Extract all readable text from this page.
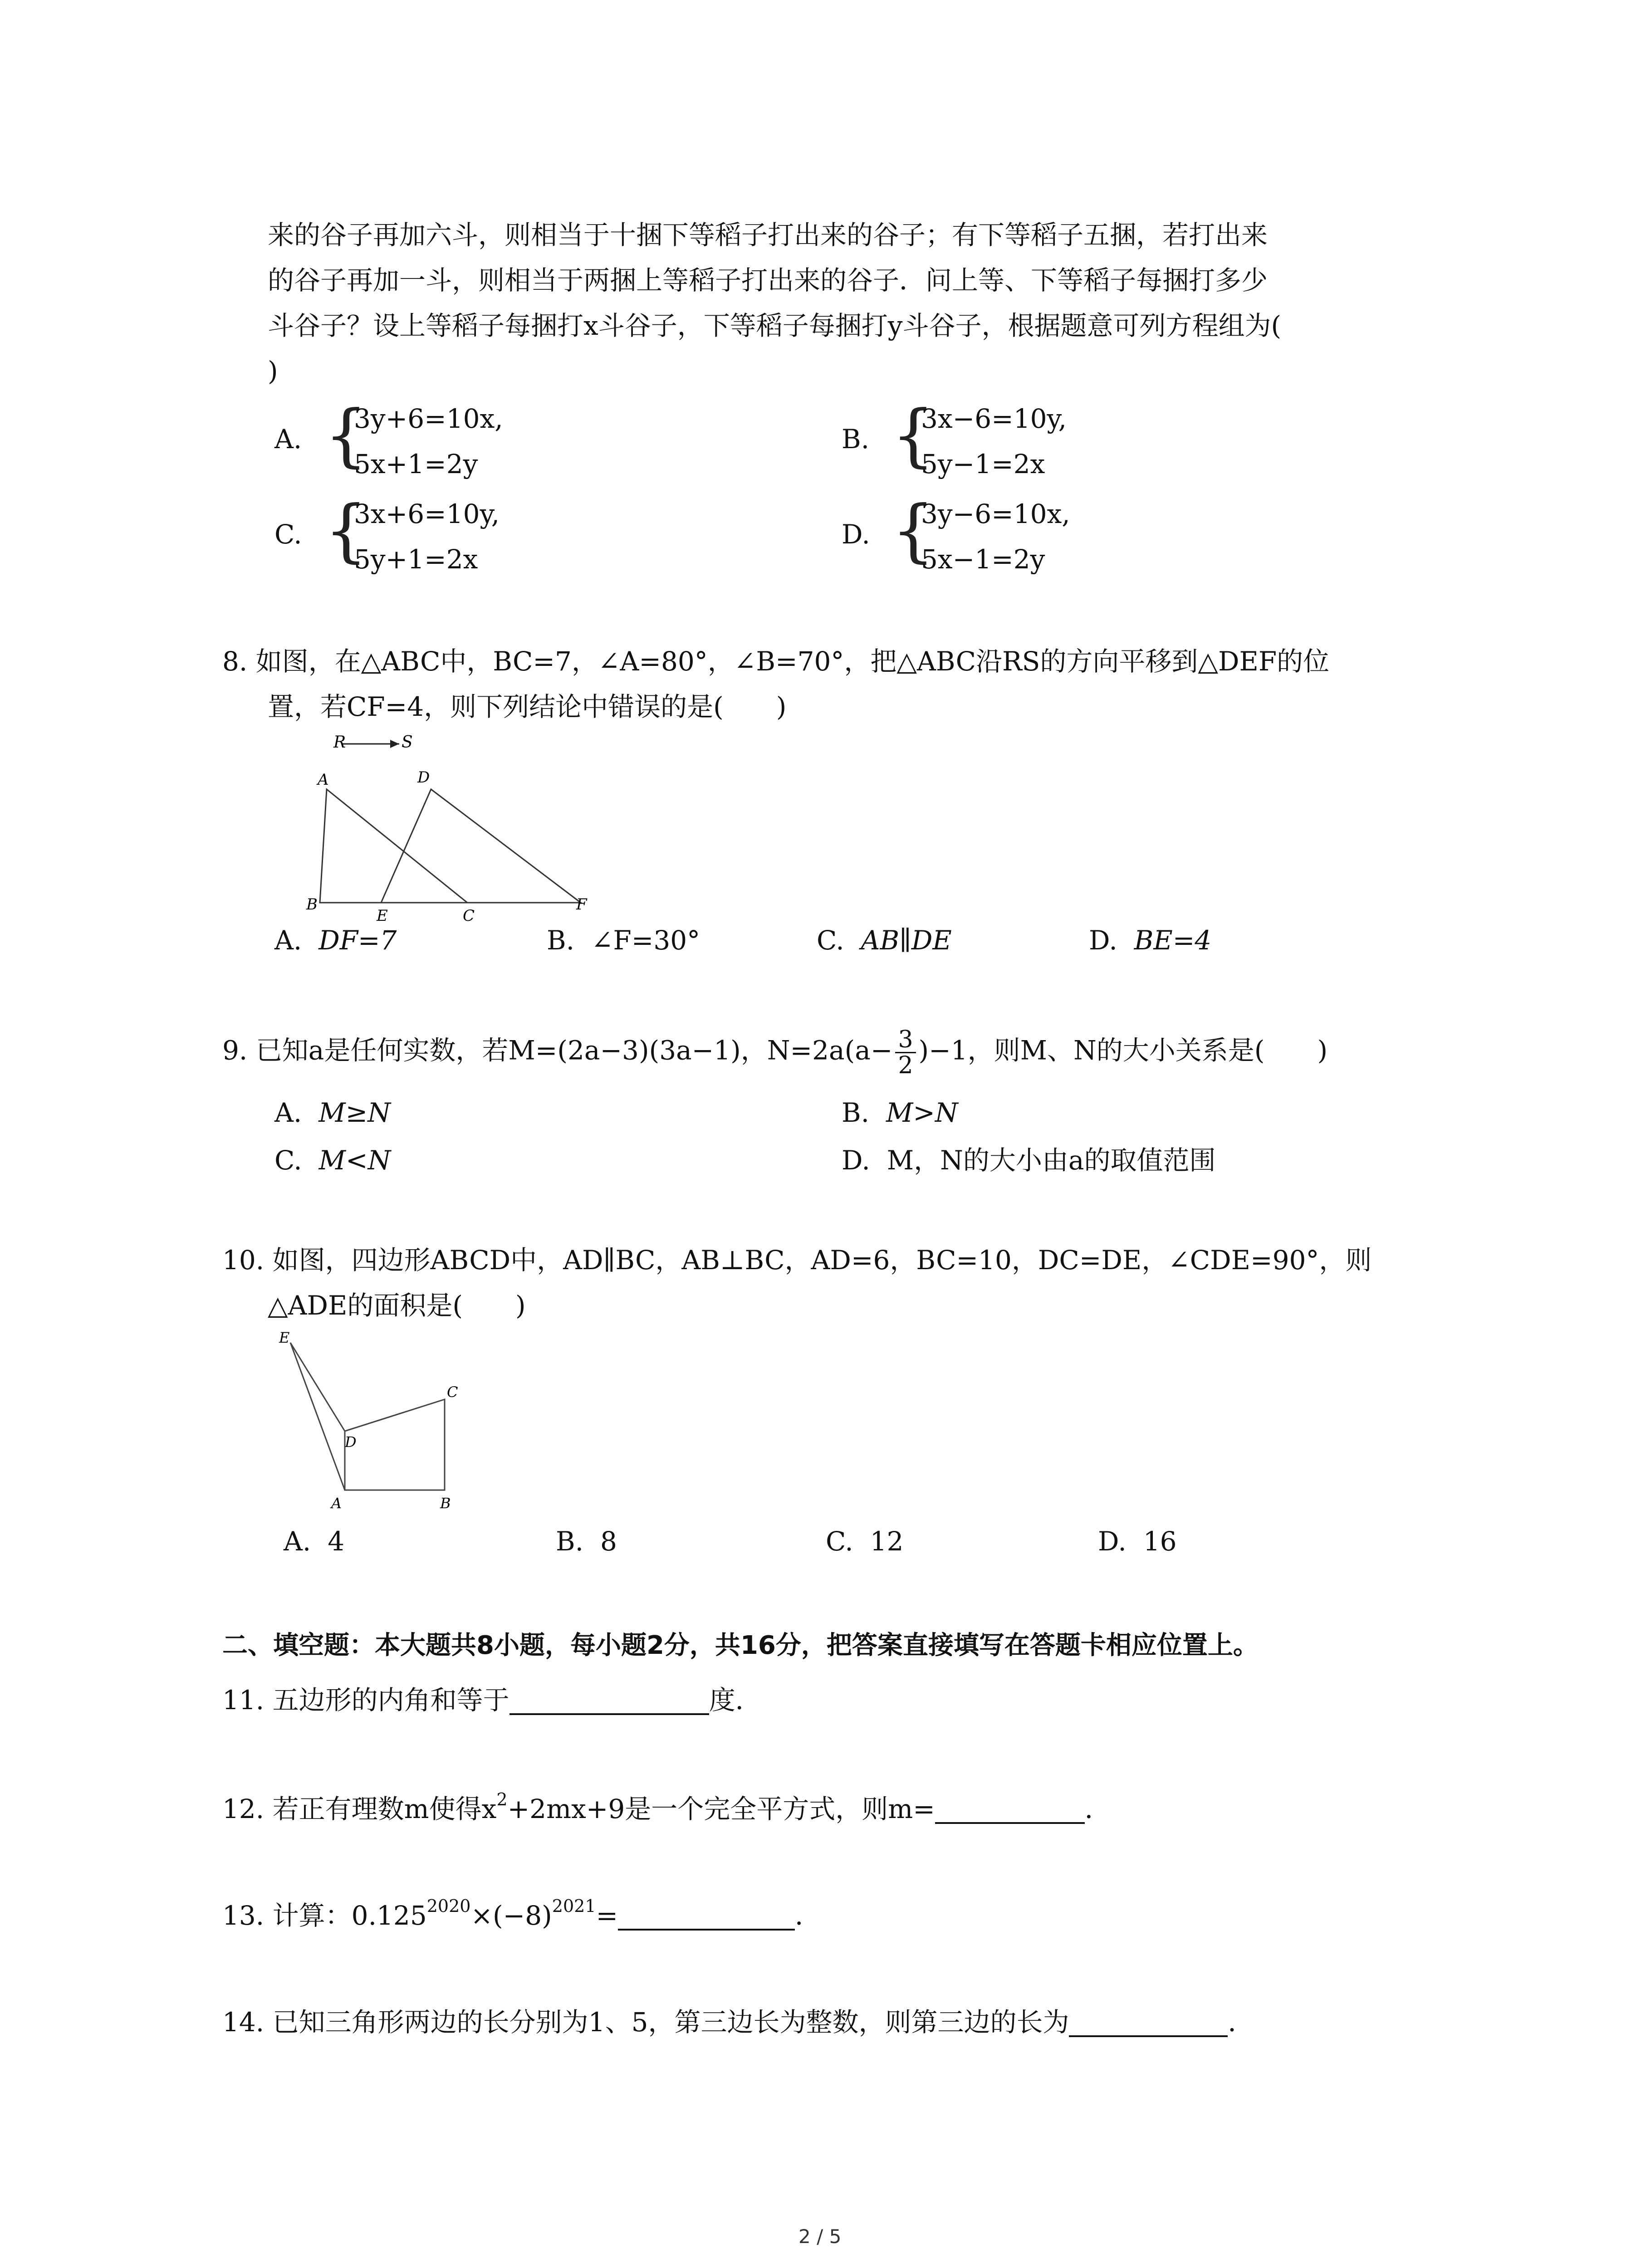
来的谷子再加六斗，则相当于十捆下等稻子打出来的谷子；有下等稻子五捆，若打出来
的谷子再加一斗，则相当于两捆上等稻子打出来的谷子．问上等、下等稻子每捆打多少
斗谷子？设上等稻子每捆打x斗谷子，下等稻子每捆打y斗谷子，根据题意可列方程组为(
)
A. {
3y+6=10x,
5x+1=2y
B. {
3x−6=10y,
5y−1=2x
C. {
3x+6=10y,
5y+1=2x
D. {
3y−6=10x,
5x−1=2y
8. 如图，在△ABC中，BC=7，∠A=80°，∠B=70°，把△ABC沿RS的方向平移到△DEF的位
置，若CF=4，则下列结论中错误的是(　　)
R	S
A	D
B
E	C
F
A. DF=7	B. ∠F=30°	C. AB∥DE	D. BE=4
9. 已知a是任何实数，若M=(2a−3)(3a−1)，$N=2a(a- \frac{3}{2} )-1$，则M、N的大小关系是(　　)
A. M≥N	B. M>N
C. M<N	D. M，N的大小由a的取值范围
10. 如图，四边形ABCD中，AD∥BC，AB⊥BC，AD=6，BC=10，DC=DE，∠CDE=90°，则
△ADE的面积是(　　)
E
C
D
A	B
A. 4	B. 8	C. 12	D. 16
二、填空题：本大题共8小题，每小题2分，共16分，把答案直接填写在答题卡相应位置上。
11. 五边形的内角和等于	度．
12. 若正有理数m使得$x^2+2mx+9$是一个完全平方式，则m=	．
13. 计算：$0.125^{2020}\times(-8)^{2021}=$	．
14. 已知三角形两边的长分别为1、5，第三边长为整数，则第三边的长为	．
2 / 5
